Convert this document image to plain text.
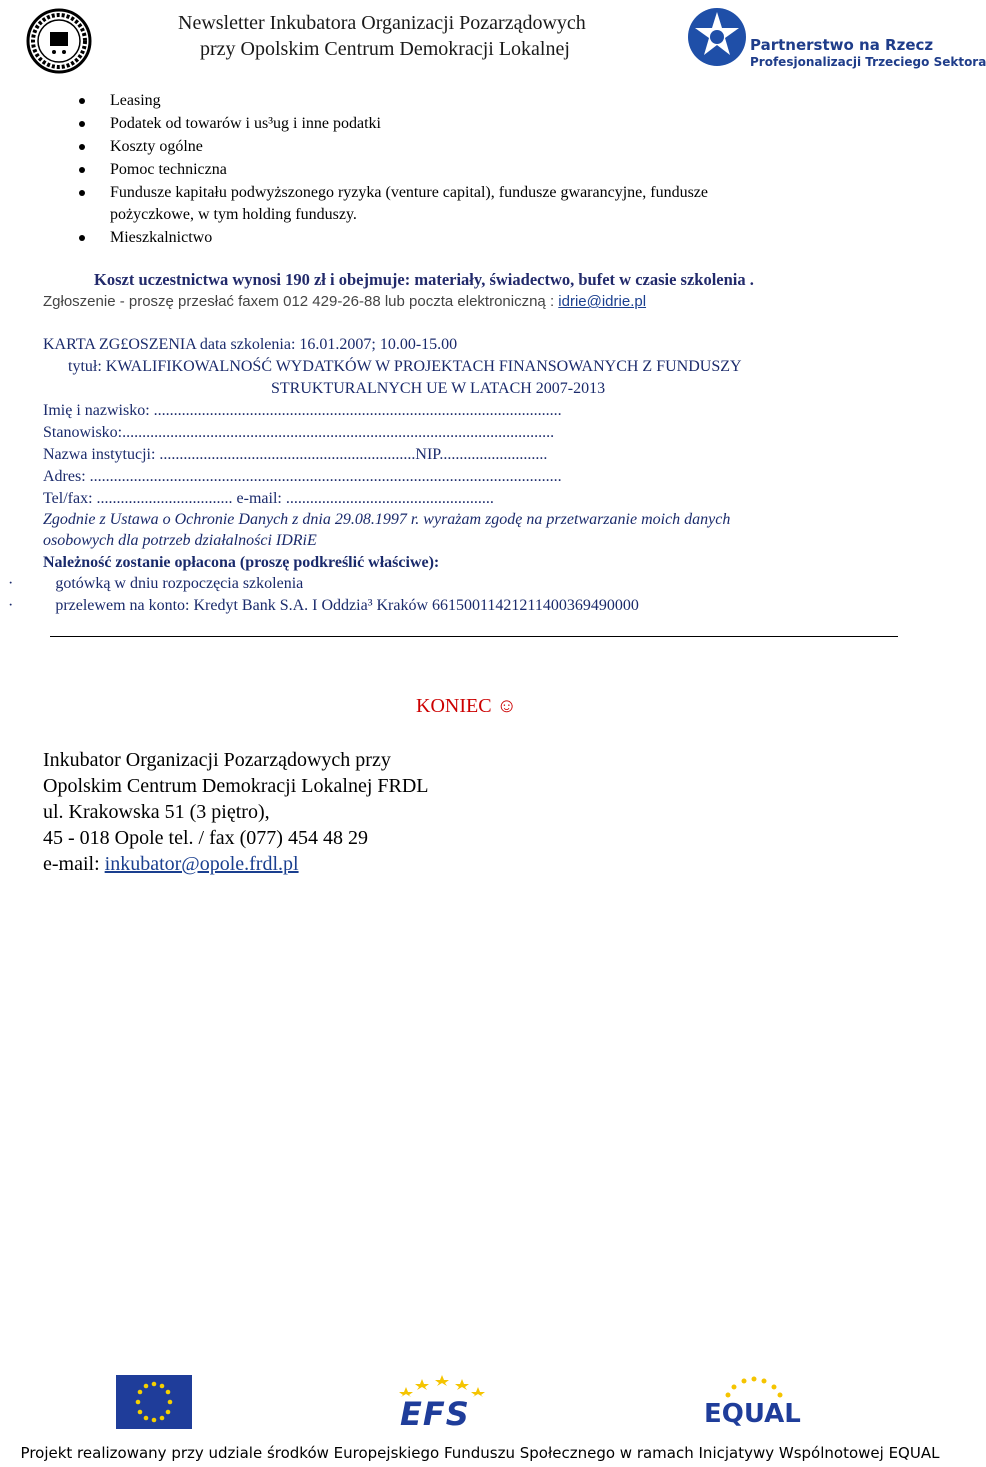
Newsletter Inkubatora Organizacji Pozarządowych
przy Opolskim Centrum Demokracji Lokalnej	Partnerstwo na Rzecz
Profesjonalizacji Trzeciego Sektora
Leasing
Podatek od towarów i us³ug i inne podatki
Koszty ogólne
Pomoc techniczna
Fundusze kapitału podwyższonego ryzyka (venture capital), fundusze gwarancyjne, fundusze
pożyczkowe, w tym holding funduszy.
Mieszkalnictwo
Koszt uczestnictwa wynosi 190 zł i obejmuje: materiały, świadectwo, bufet w czasie szkolenia .
Zgłoszenie - proszę przesłać faxem 012 429-26-88 lub poczta elektroniczną : idrie@idrie.pl
KARTA ZG£OSZENIA data szkolenia: 16.01.2007; 10.00-15.00
tytuł: KWALIFIKOWALNOŚĆ WYDATKÓW W PROJEKTACH FINANSOWANYCH Z FUNDUSZY
STRUKTURALNYCH UE W LATACH 2007-2013
Imię i nazwisko: ......................................................................................................
Stanowisko:............................................................................................................
Nazwa instytucji: ................................................................NIP...........................
Adres: ......................................................................................................................
Tel/fax: .................................. e-mail: ....................................................
Zgodnie z Ustawa o Ochronie Danych z dnia 29.08.1997 r. wyrażam zgodę na przetwarzanie moich danych
osobowych dla potrzeb działalności IDRiE
Należność zostanie opłacona (proszę podkreślić właściwe):
·	gotówką w dniu rozpoczęcia szkolenia
·	przelewem na konto: Kredyt Bank S.A. I Oddzia³ Kraków 66150011421211400369490000
KONIEC ☺
Inkubator Organizacji Pozarządowych przy
Opolskim Centrum Demokracji Lokalnej FRDL
ul. Krakowska 51 (3 piętro),
45 - 018 Opole tel. / fax (077) 454 48 29
e-mail: inkubator@opole.frdl.pl
EFS	EQUAL
Projekt realizowany przy udziale środków Europejskiego Funduszu Społecznego w ramach Inicjatywy Wspólnotowej EQUAL
